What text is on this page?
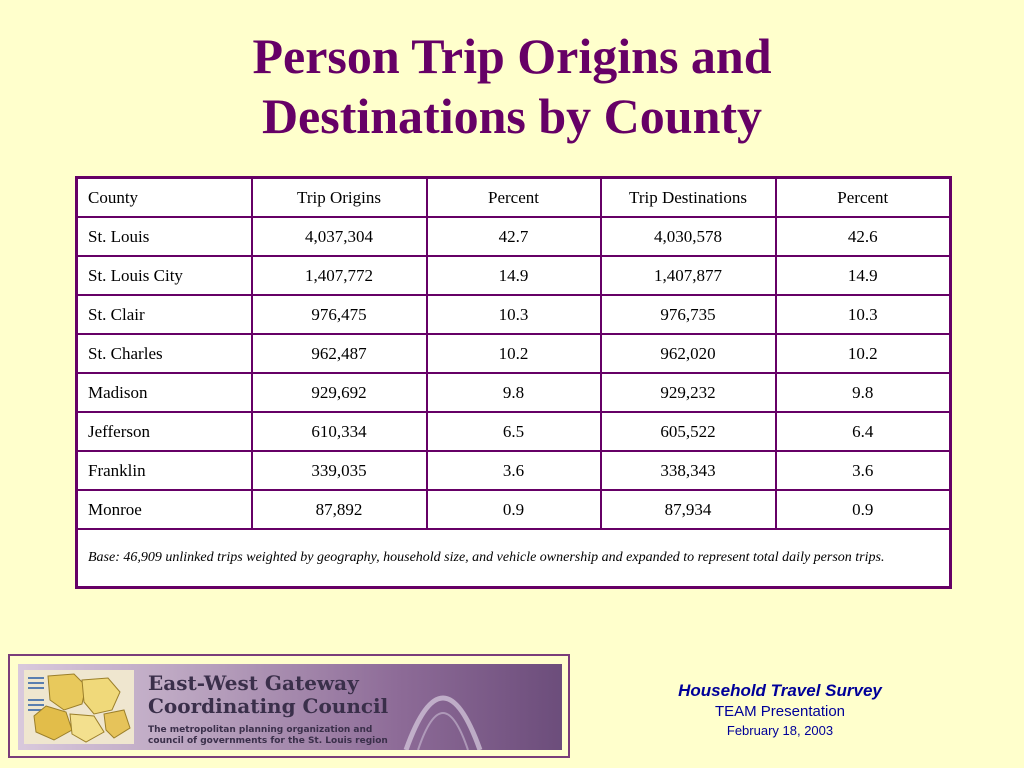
Person Trip Origins and
Destinations by County
County	Trip Origins	Percent	Trip Destinations	Percent
St. Louis	4,037,304	42.7	4,030,578	42.6
St. Louis City	1,407,772	14.9	1,407,877	14.9
St. Clair	976,475	10.3	976,735	10.3
St. Charles	962,487	10.2	962,020	10.2
Madison	929,692	9.8	929,232	9.8
Jefferson	610,334	6.5	605,522	6.4
Franklin	339,035	3.6	338,343	3.6
Monroe	87,892	0.9	87,934	0.9
Base: 46,909 unlinked trips weighted by geography, household size, and vehicle ownership and expanded to represent total daily person trips.				
East-West Gateway
Coordinating Council
The metropolitan planning organization and
council of governments for the St. Louis region
Household Travel Survey
TEAM Presentation
February 18, 2003
